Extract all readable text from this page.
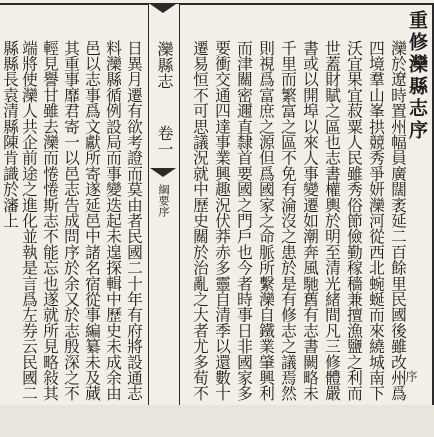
重修灤縣志序
灤於遼時置州幅員廣闊袤延二百餘里民國後雖改州爲
四境羣山峯拱競秀爭妍灤河從西北蜿蜒而來繞城南下
沃宜果宜菽粟人民雖秀俗節儉勤稼穡兼擅漁鹽之利而
世蓋財賦之區也志書權輿於明至清光緒間凡三修體嚴
書或以開埠以來人事變遷如潮奔風馳舊有志書闕略未
千里而繁富之區不免有淪沒之患於是有修志之議焉然
則視爲富庶之源但爲國家之命脈所繫灤自鐵業肇興利
而津關密邇直隸首要國之門戶也今者時事日非國家多
要衝交通四達事業興趣況伏莽赤多靈自清季以還數十
遷易恒不可思議況就中歷史關於治亂之大者尤多荀不
灤縣志
卷一
綱要序
日異月遷有欲考證而莫由者民國二十年有府將設通志
料灤縣循例設局而事變迭起未遑探輯中歷史未成余由
邑以志事爲文獻所寄遂延邑中諸名宿從事編纂未及蕆
其重事靡君寄一以邑志告成問序於余又於志殷深之不
輕見譽甘雖去灤而惓惓斯志不能忘也遂就所見略敍其
端將使灤人共企前途之進化並執是言爲左券云民國二
縣縣長袁清縣陳肯識於瀋上
序
